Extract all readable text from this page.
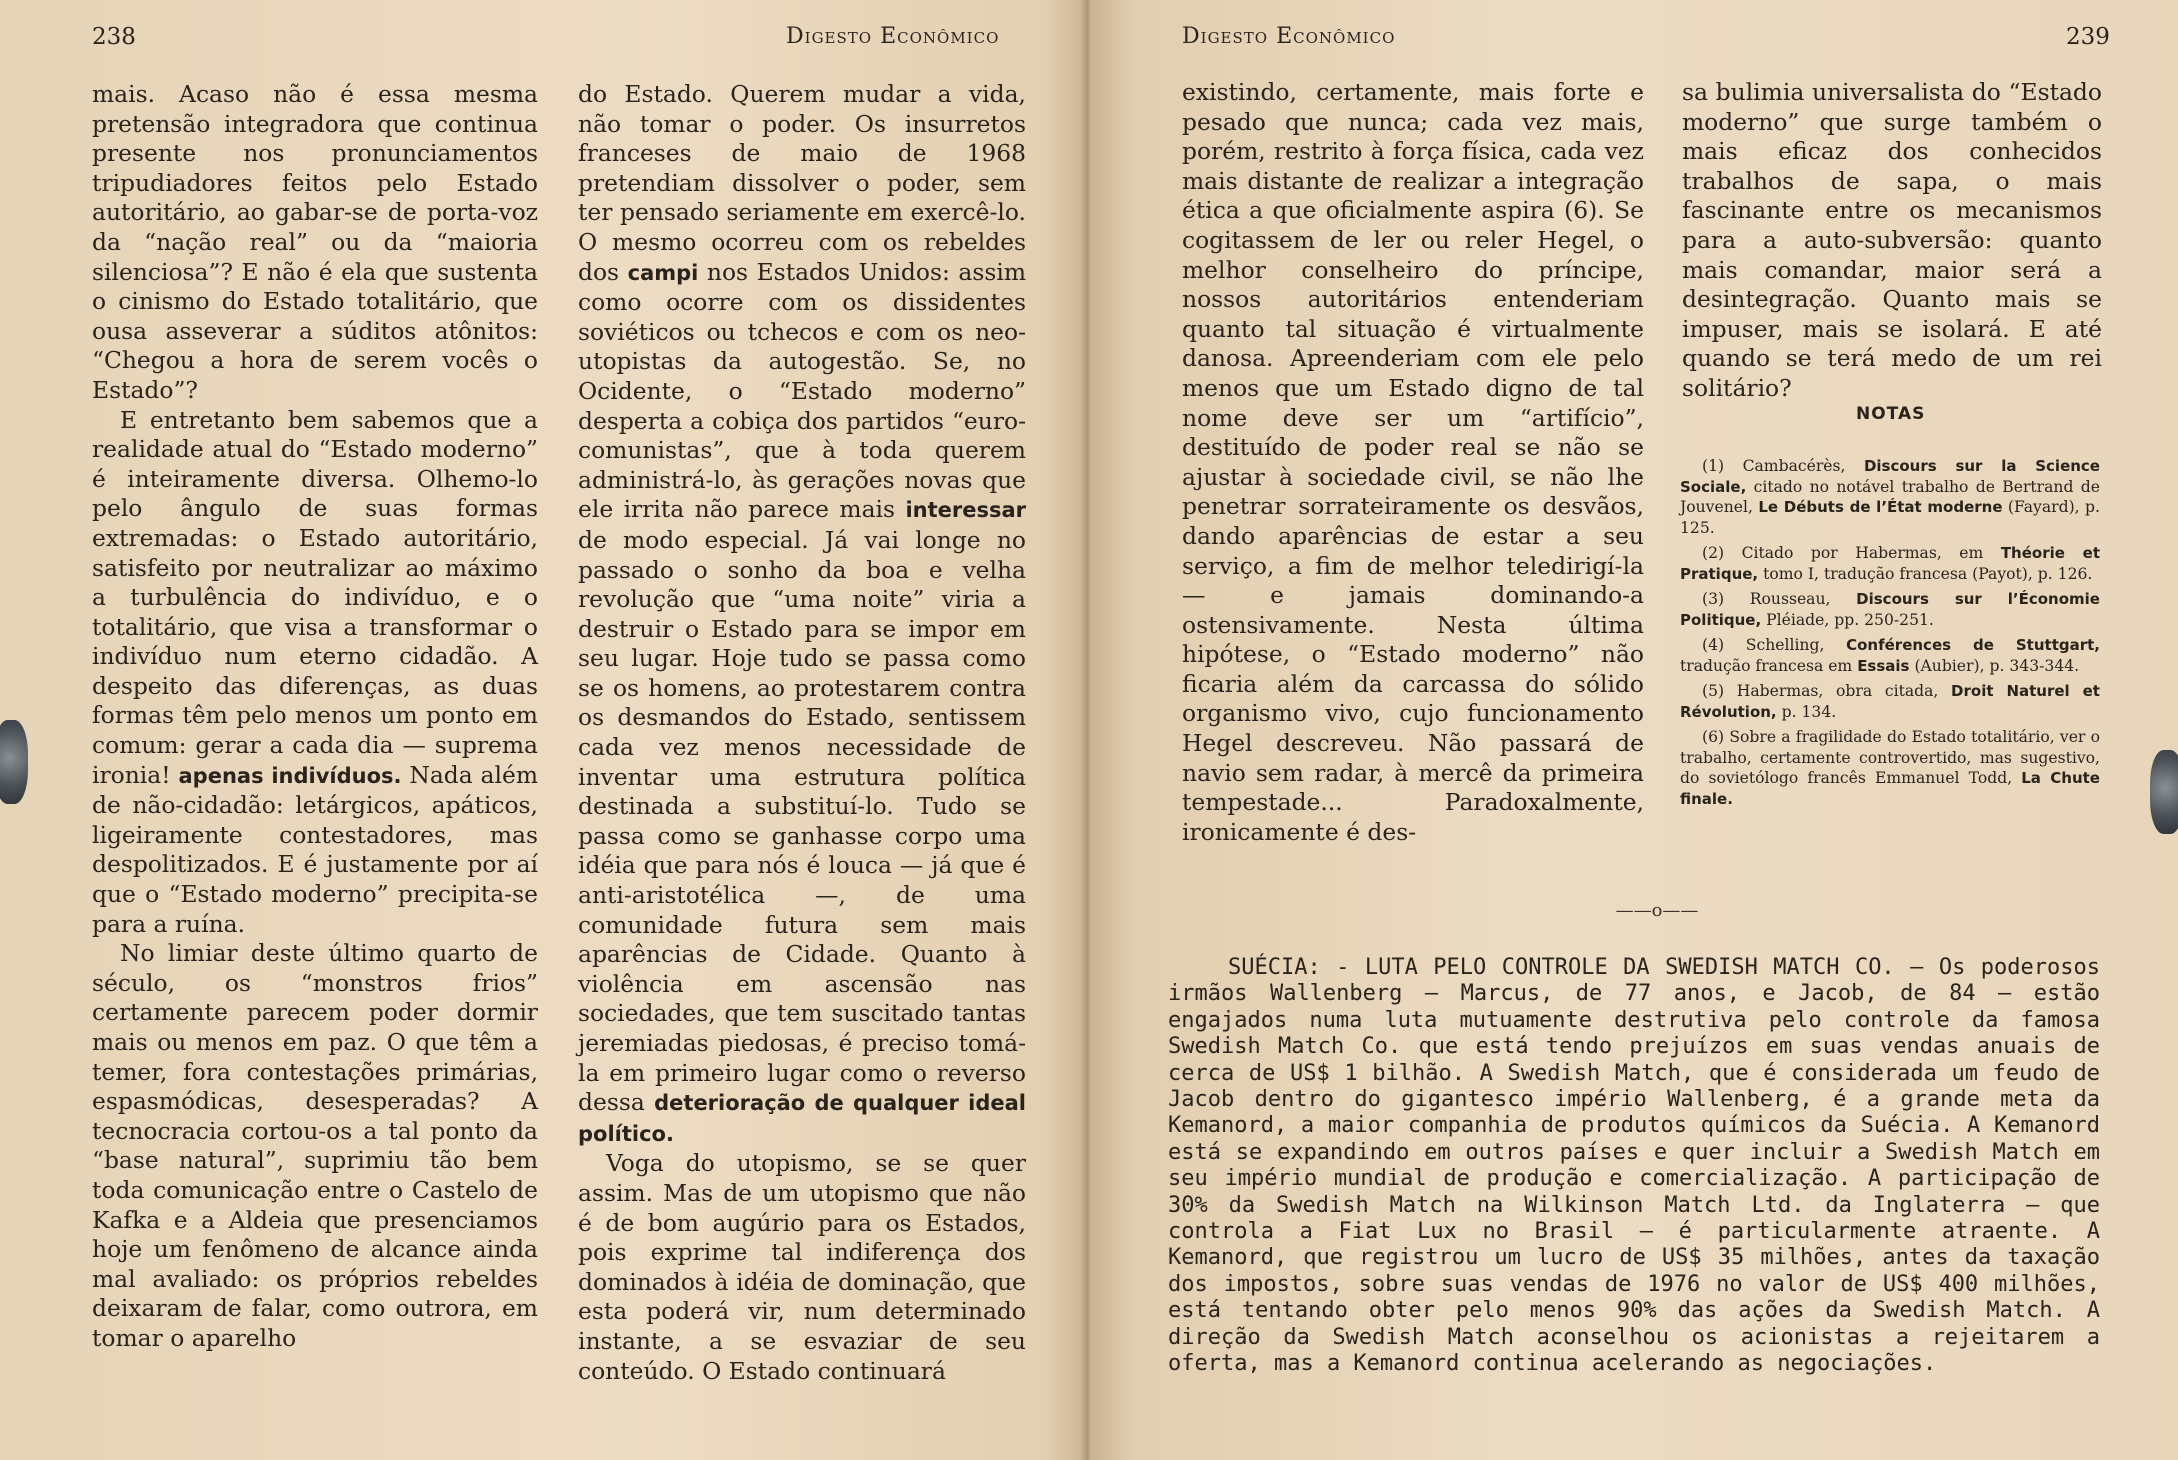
238	Digesto Econômico

mais. Acaso não é essa mesma pretensão integradora que continua presente nos pronunciamentos tripudiadores feitos pelo Estado autoritário, ao gabar-se de porta-voz da “nação real” ou da “maioria silenciosa”? E não é ela que sustenta o cinismo do Estado totalitário, que ousa asseverar a súditos atônitos: “Chegou a hora de serem vocês o Estado”?

E entretanto bem sabemos que a realidade atual do “Estado moderno” é inteiramente diversa. Olhemo-lo pelo ângulo de suas formas extremadas: o Estado autoritário, satisfeito por neutralizar ao máximo a turbulência do indivíduo, e o totalitário, que visa a transformar o indivíduo num eterno cidadão. A despeito das diferenças, as duas formas têm pelo menos um ponto em comum: gerar a cada dia — suprema ironia! apenas indivíduos. Nada além de não-cidadão: letárgicos, apáticos, ligeiramente contestadores, mas despolitizados. E é justamente por aí que o “Estado moderno” precipita-se para a ruína.

No limiar deste último quarto de século, os “monstros frios” certamente parecem poder dormir mais ou menos em paz. O que têm a temer, fora contestações primárias, espasmódicas, desesperadas? A tecnocracia cortou-os a tal ponto da “base natural”, suprimiu tão bem toda comunicação entre o Castelo de Kafka e a Aldeia que presenciamos hoje um fenômeno de alcance ainda mal avaliado: os próprios rebeldes deixaram de falar, como outrora, em tomar o aparelho

do Estado. Querem mudar a vida, não tomar o poder. Os insurretos franceses de maio de 1968 pretendiam dissolver o poder, sem ter pensado seriamente em exercê-lo. O mesmo ocorreu com os rebeldes dos campi nos Estados Unidos: assim como ocorre com os dissidentes soviéticos ou tchecos e com os neo-utopistas da autogestão. Se, no Ocidente, o “Estado moderno” desperta a cobiça dos partidos “euro-comunistas”, que à toda querem administrá-lo, às gerações novas que ele irrita não parece mais interessar de modo especial. Já vai longe no passado o sonho da boa e velha revolução que “uma noite” viria a destruir o Estado para se impor em seu lugar. Hoje tudo se passa como se os homens, ao protestarem contra os desmandos do Estado, sentissem cada vez menos necessidade de inventar uma estrutura política destinada a substituí-lo. Tudo se passa como se ganhasse corpo uma idéia que para nós é louca — já que é anti-aristotélica —, de uma comunidade futura sem mais aparências de Cidade. Quanto à violência em ascensão nas sociedades, que tem suscitado tantas jeremiadas piedosas, é preciso tomá-la em primeiro lugar como o reverso dessa deterioração de qualquer ideal político.

Voga do utopismo, se se quer assim. Mas de um utopismo que não é de bom augúrio para os Estados, pois exprime tal indiferença dos dominados à idéia de dominação, que esta poderá vir, num determinado instante, a se esvaziar de seu conteúdo. O Estado continuará

Digesto Econômico	239

existindo, certamente, mais forte e pesado que nunca; cada vez mais, porém, restrito à força física, cada vez mais distante de realizar a integração ética a que oficialmente aspira (6). Se cogitassem de ler ou reler Hegel, o melhor conselheiro do príncipe, nossos autoritários entenderiam quanto tal situação é virtualmente danosa. Apreenderiam com ele pelo menos que um Estado digno de tal nome deve ser um “artifício”, destituído de poder real se não se ajustar à sociedade civil, se não lhe penetrar sorrateiramente os desvãos, dando aparências de estar a seu serviço, a fim de melhor teledirigí-la — e jamais dominando-a ostensivamente. Nesta última hipótese, o “Estado moderno” não ficaria além da carcassa do sólido organismo vivo, cujo funcionamento Hegel descreveu. Não passará de navio sem radar, à mercê da primeira tempestade... Paradoxalmente, ironicamente é des-

sa bulimia universalista do “Estado moderno” que surge também o mais eficaz dos conhecidos trabalhos de sapa, o mais fascinante entre os mecanismos para a auto-subversão: quanto mais comandar, maior será a desintegração. Quanto mais se impuser, mais se isolará. E até quando se terá medo de um rei solitário?

NOTAS

(1) Cambacérès, Discours sur la Science Sociale, citado no notável trabalho de Bertrand de Jouvenel, Le Débuts de l’État moderne (Fayard), p. 125.

(2) Citado por Habermas, em Théorie et Pratique, tomo I, tradução francesa (Payot), p. 126.

(3) Rousseau, Discours sur l’Économie Politique, Pléiade, pp. 250-251.

(4) Schelling, Conférences de Stuttgart, tradução francesa em Essais (Aubier), p. 343-344.

(5) Habermas, obra citada, Droit Naturel et Révolution, p. 134.

(6) Sobre a fragilidade do Estado totalitário, ver o trabalho, certamente controvertido, mas sugestivo, do sovietólogo francês Emmanuel Todd, La Chute finale.

——o——
SUÉCIA: - LUTA PELO CONTROLE DA SWEDISH MATCH CO. — Os poderosos irmãos Wallenberg — Marcus, de 77 anos, e Jacob, de 84 — estão engajados numa luta mutuamente destrutiva pelo controle da famosa Swedish Match Co. que está tendo prejuízos em suas vendas anuais de cerca de US$ 1 bilhão. A Swedish Match, que é considerada um feudo de Jacob dentro do gigantesco império Wallenberg, é a grande meta da Kemanord, a maior companhia de produtos químicos da Suécia. A Kemanord está se expandindo em outros países e quer incluir a Swedish Match em seu império mundial de produção e comercialização. A participação de 30% da Swedish Match na Wilkinson Match Ltd. da Inglaterra — que controla a Fiat Lux no Brasil — é particularmente atraente. A Kemanord, que registrou um lucro de US$ 35 milhões, antes da taxação dos impostos, sobre suas vendas de 1976 no valor de US$ 400 milhões, está tentando obter pelo menos 90% das ações da Swedish Match. A direção da Swedish Match aconselhou os acionistas a rejeitarem a oferta, mas a Kemanord continua acelerando as negociações.
